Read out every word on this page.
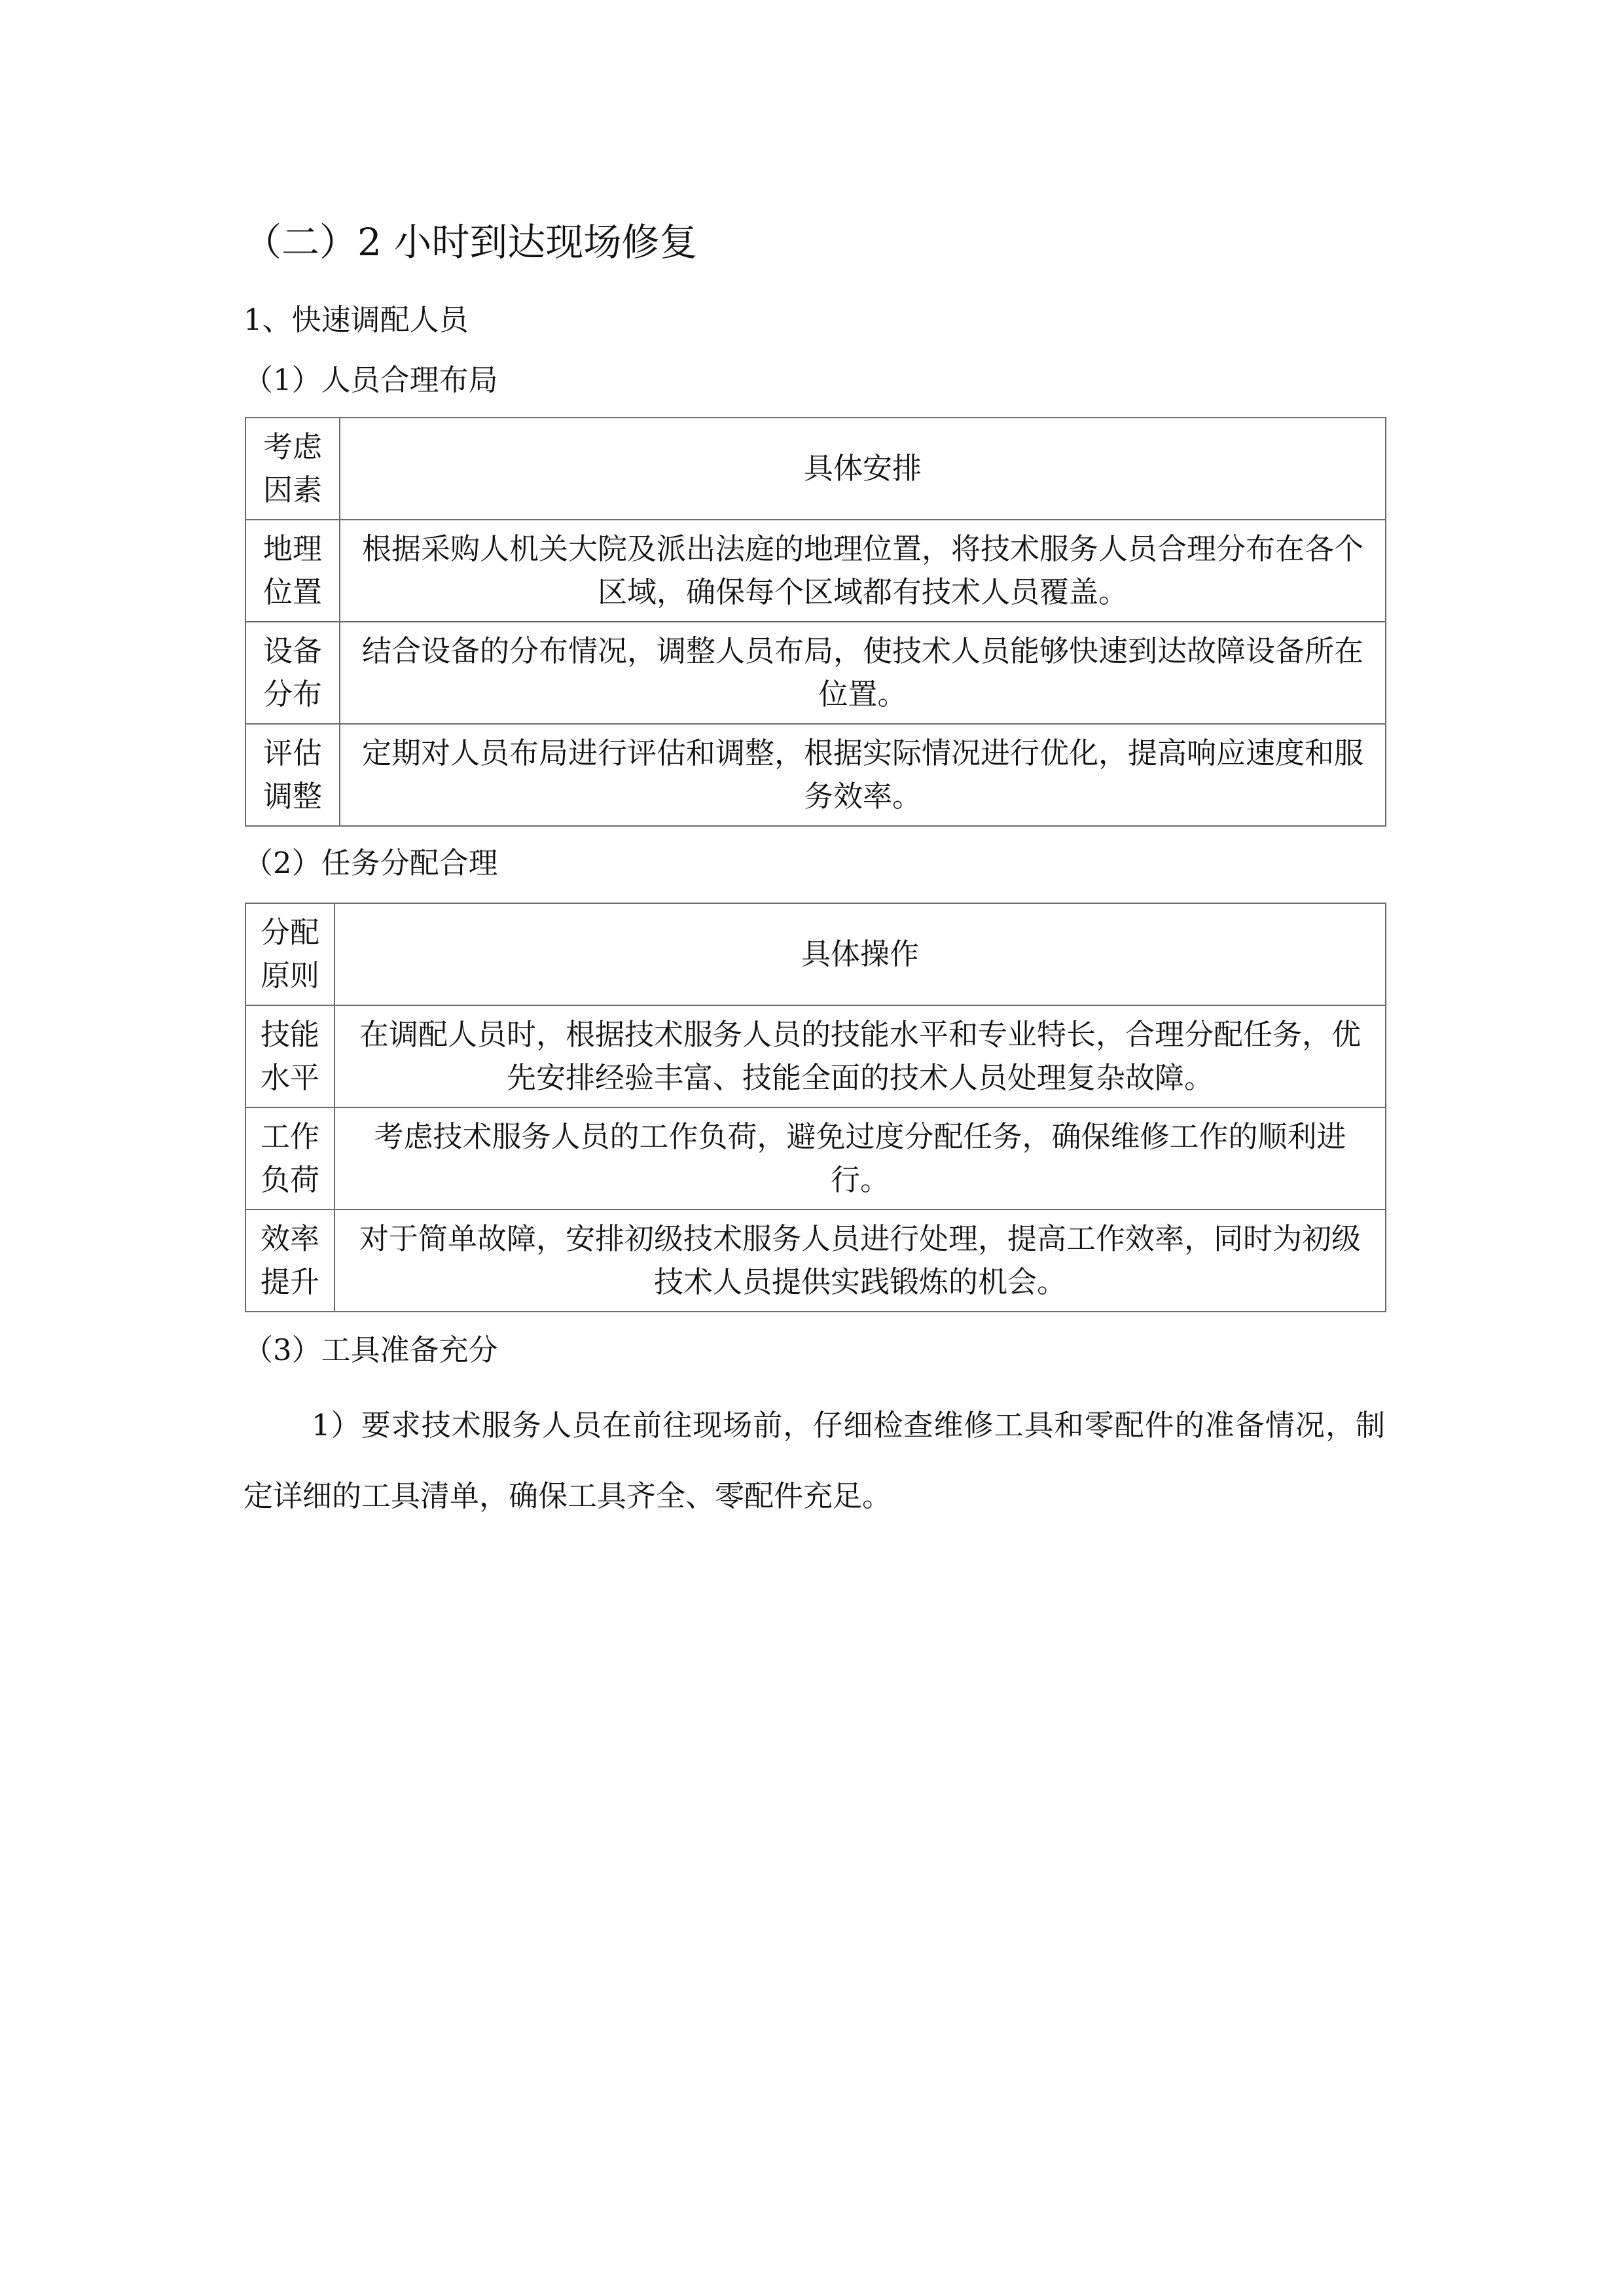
（二）2 小时到达现场修复
1、快速调配人员
（1）人员合理布局
考虑因素	具体安排
地理位置	根据采购人机关大院及派出法庭的地理位置，将技术服务人员合理分布在各个区域，确保每个区域都有技术人员覆盖。
设备分布	结合设备的分布情况，调整人员布局，使技术人员能够快速到达故障设备所在位置。
评估调整	定期对人员布局进行评估和调整，根据实际情况进行优化，提高响应速度和服务效率。
（2）任务分配合理
分配原则	具体操作
技能水平	在调配人员时，根据技术服务人员的技能水平和专业特长，合理分配任务，优先安排经验丰富、技能全面的技术人员处理复杂故障。
工作负荷	考虑技术服务人员的工作负荷，避免过度分配任务，确保维修工作的顺利进行。
效率提升	对于简单故障，安排初级技术服务人员进行处理，提高工作效率，同时为初级技术人员提供实践锻炼的机会。
（3）工具准备充分
1）要求技术服务人员在前往现场前，仔细检查维修工具和零配件的准备情况，制定详细的工具清单，确保工具齐全、零配件充足。
